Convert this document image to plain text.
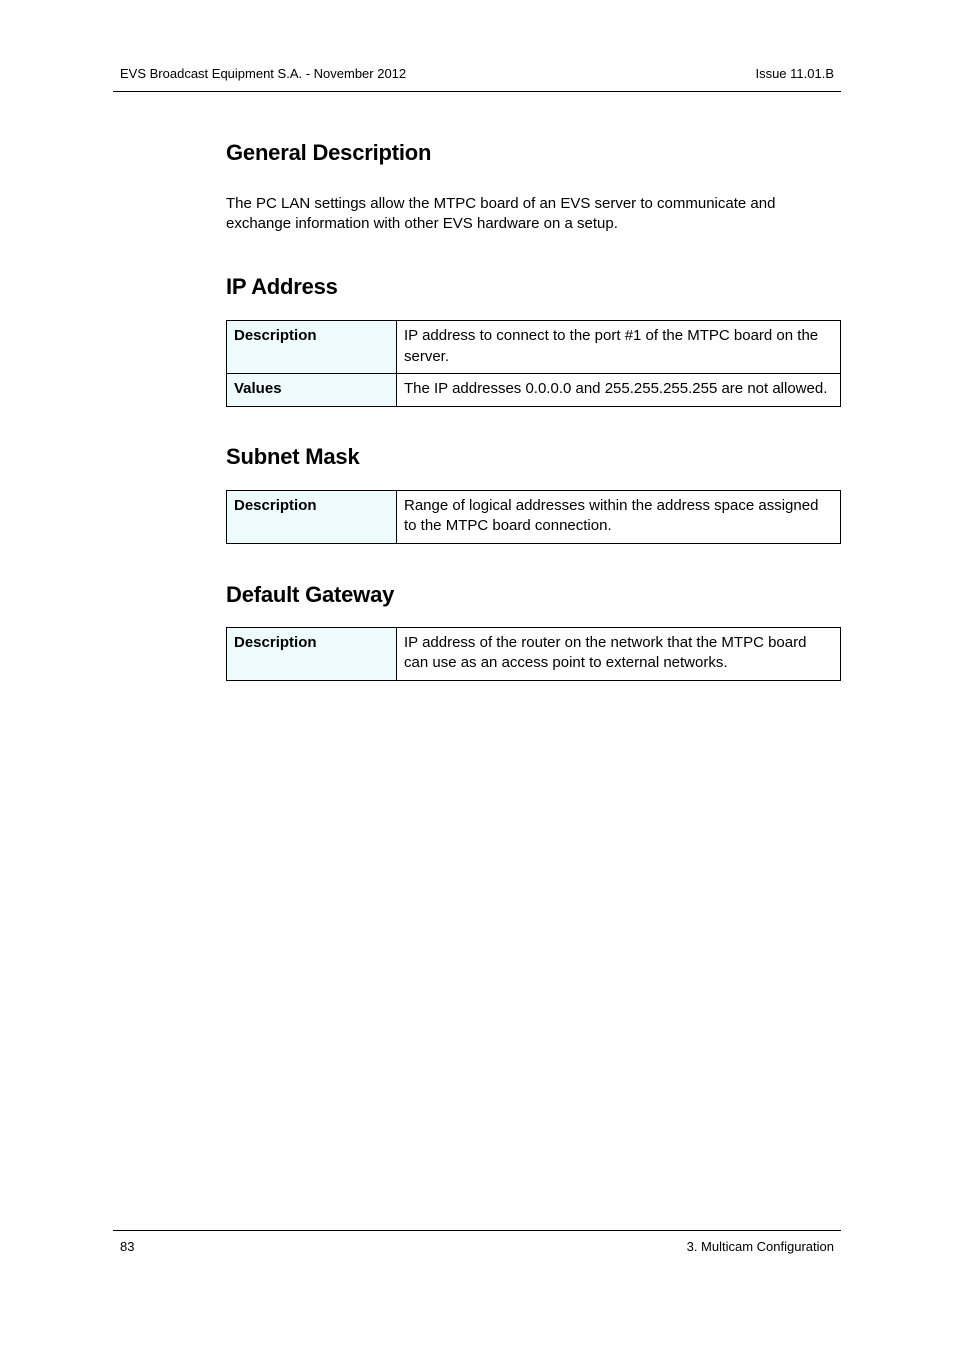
EVS Broadcast Equipment S.A. - November 2012	Issue 11.01.B
General Description

The PC LAN settings allow the MTPC board of an EVS server to communicate and exchange information with other EVS hardware on a setup.

IP Address
Description	IP address to connect to the port #1 of the MTPC board on the server.
Values	The IP addresses 0.0.0.0 and 255.255.255.255 are not allowed.
Subnet Mask
Description	Range of logical addresses within the address space assigned to the MTPC board connection.
Default Gateway
Description	IP address of the router on the network that the MTPC board can use as an access point to external networks.
83	3. Multicam Configuration
